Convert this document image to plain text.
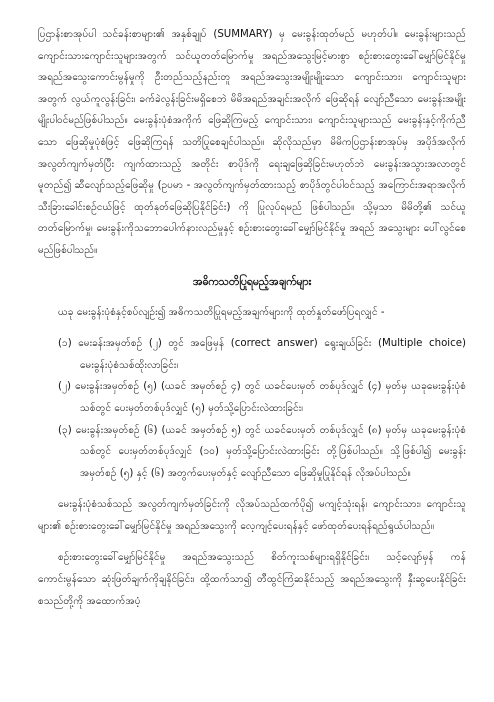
ပြဌာန်းစာအုပ်ပါ သင်ခန်းစာများ၏ အနှစ်ချုပ် (SUMMARY) မှ မေးခွန်းထုတ်မည် မဟုတ်ပါ။ မေးခွန်းများသည် ကျောင်းသားကျောင်းသူများအတွက် သင်ယူတတ်မြောက်မှု အရည်အသွေးမြင့်မားစွာ စဉ်းစားတွေးခေါ်မျှော်မြင်နိုင်မှု အရည်အသွေးကောင်းမွန်မှုကို ဦးတည်သည့်နည်းတူ အရည်အသွေးအမျိုးမျိုးသော ကျောင်းသား၊ ကျောင်းသူများအတွက် လွယ်ကူလွန်းခြင်း၊ ခက်ခဲလွန်းခြင်းမရှိစေဘဲ မိမိအရည်အချင်းအလိုက် ဖြေဆိုရန် လျော်ညီသော မေးခွန်းအမျိုးမျိုးပါဝင်မည်ဖြစ်ပါသည်။ မေးခွန်းပုံစံအကိုက် ဖြေဆိုကြမည့် ကျောင်းသား၊ ကျောင်းသူများသည် မေးခွန်းနှင့်ကိုက်ညီသော ဖြေဆိုမှုပုံစံဖြင့် ဖြေဆိုကြရန် သတိပြုစေချင်ပါသည်။ ဆိုလိုသည်မှာ မိမိကပြဌာန်းစာအုပ်မှ အပိုဒ်အလိုက် အလွတ်ကျက်မှတ်ပြီး ကျက်ထားသည့် အတိုင်း စာပိုဒ်ကို ရေးချဖြေဆိုခြင်းမဟုတ်ဘဲ မေးခွန်းအသွားအလာတွင် မူတည်၍ ဆီလျော်သည့်ဖြေဆိုမှု (ဥပမာ - အလွတ်ကျက်မှတ်ထားသည့် စာပိုဒ်တွင်ပါဝင်သည့် အကြောင်းအရာအလိုက် သီးခြားခေါင်းစဉ်ငယ်ဖြင့် ထုတ်နုတ်ဖြေဆိုပြနိုင်ခြင်း) ကို ပြုလုပ်ရမည် ဖြစ်ပါသည်။ သို့မှသာ မိမိတို့၏ သင်ယူတတ်မြောက်မှု၊ မေးခွန်းကိုသဘောပေါက်နားလည်မှုနှင့် စဉ်းစားတွေးခေါ်မျှော်မြင်နိုင်မှု အရည် အသွေးများ ပေါ်လွင်စေမည်ဖြစ်ပါသည်။

အဓိကသတိပြုရမည့်အချက်များ

ယခု မေးခွန်းပုံစံနှင့်စပ်လျဉ်း၍ အဓိကသတိပြုရမည့်အချက်များကို ထုတ်နှုတ်ဖော်ပြရလျှင် -

(၁) မေးခန်းအမှတ်စဉ် (၂) တွင် အဖြေမှန် (correct answer) ရွေးချယ်ခြင်း (Multiple choice) မေးခွန်းပုံစံသစ်ထိုးလာခြင်း၊
(၂) မေးခွန်းအမှတ်စဉ် (၅) (ယခင် အမှတ်စဉ် ၄) တွင် ယခင်ပေးမှတ် တစ်ပုဒ်လျှင် (၄) မှတ်မှ ယခုမေးခွန်းပုံစံသစ်တွင် ပေးမှတ်တစ်ပုဒ်လျှင် (၅) မှတ်သို့ပြောင်းလဲထားခြင်း၊
(၃) မေးခွန်းအမှတ်စဉ် (၆) (ယခင် အမှတ်စဉ် ၅) တွင် ယခင်ပေးမှတ် တစ်ပုဒ်လျှင် (၈) မှတ်မှ ယခုမေးခွန်းပုံစံသစ်တွင် ပေးမှတ်တစ်ပုဒ်လျှင် (၁၀) မှတ်သို့ပြောင်းလဲထားခြင်း တို့ဖြစ်ပါသည်။ သို့ဖြစ်ပါ၍ မေးခွန်းအမှတ်စဉ် (၅) နှင့် (၆) အတွက်ပေးမှတ်နှင့် လျော်ညီသော ဖြေဆိုမှုပြုနိုင်ရန် လိုအပ်ပါသည်။

မေးခွန်းပုံစံသစ်သည် အလွတ်ကျက်မှတ်ခြင်းကို လိုအပ်သည်ထက်ပို၍ မကျင့်သုံးရန်၊ ကျောင်းသား၊ ကျောင်းသူများ၏ စဉ်းစားတွေးခေါ်မျှော်မြင်နိုင်မှု အရည်အသွေးကို လေ့ကျင့်ပေးရန်နှင့် ဖော်ထုတ်ပေးရန်ရည်ရွယ်ပါသည်။

စဉ်းစားတွေးခေါ်မျှော်မြင်နိုင်မှု အရည်အသွေးသည် စိတ်ကူးသစ်များရရှိနိုင်ခြင်း၊ သင့်လျော်မှန် ကန်ကောင်းမွန်သော ဆုံးဖြတ်ချက်ကိုချနိုင်ခြင်း၊ ထို့ထက်သာ၍ တီထွင်ကြံဆနိုင်သည့် အရည်အသွေးကို နှီးဆွပေးနိုင်ခြင်း စသည်တို့ကို အထောက်အပံ့
